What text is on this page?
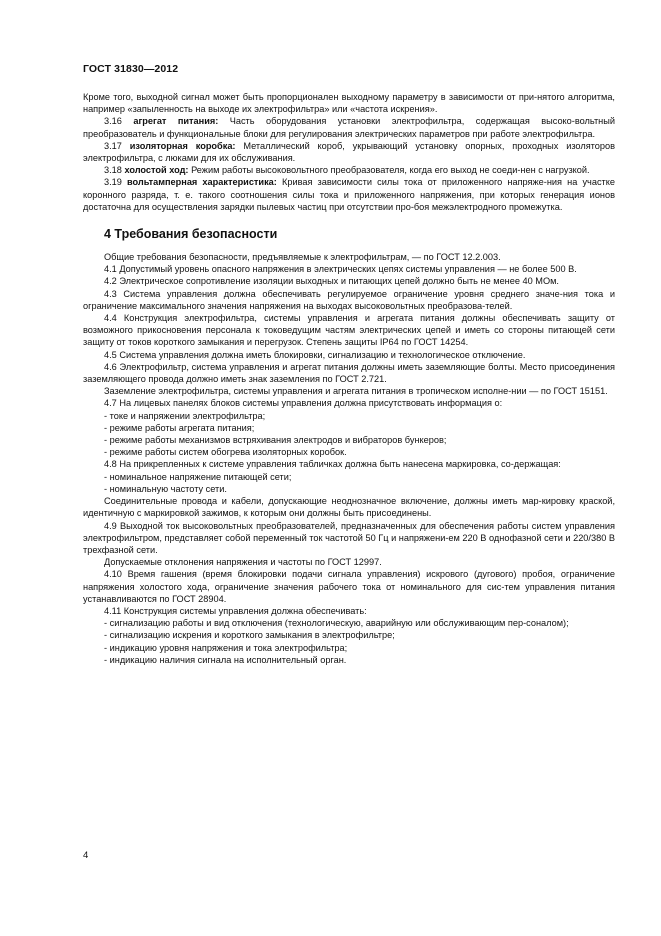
ГОСТ 31830—2012

Кроме того, выходной сигнал может быть пропорционален выходному параметру в зависимости от при-нятого алгоритма, например «запыленность на выходе их электрофильтра» или «частота искрения».

3.16 агрегат питания: Часть оборудования установки электрофильтра, содержащая высоко-вольтный преобразователь и функциональные блоки для регулирования электрических параметров при работе электрофильтра.

3.17 изоляторная коробка: Металлический короб, укрывающий установку опорных, проходных изоляторов электрофильтра, с люками для их обслуживания.

3.18 холостой ход: Режим работы высоковольтного преобразователя, когда его выход не соеди-нен с нагрузкой.

3.19 вольтамперная характеристика: Кривая зависимости силы тока от приложенного напряже-ния на участке коронного разряда, т. е. такого соотношения силы тока и приложенного напряжения, при которых генерация ионов достаточна для осуществления зарядки пылевых частиц при отсутствии про-боя межэлектродного промежутка.

4 Требования безопасности

Общие требования безопасности, предъявляемые к электрофильтрам, — по ГОСТ 12.2.003.

4.1 Допустимый уровень опасного напряжения в электрических цепях системы управления — не более 500 В.

4.2 Электрическое сопротивление изоляции выходных и питающих цепей должно быть не менее 40 МОм.

4.3 Система управления должна обеспечивать регулируемое ограничение уровня среднего значе-ния тока и ограничение максимального значения напряжения на выходах высоковольтных преобразова-телей.

4.4 Конструкция электрофильтра, системы управления и агрегата питания должны обеспечивать защиту от возможного прикосновения персонала к токоведущим частям электрических цепей и иметь со стороны питающей сети защиту от токов короткого замыкания и перегрузок. Степень защиты IP64 по ГОСТ 14254.

4.5 Система управления должна иметь блокировки, сигнализацию и технологическое отключение.

4.6 Электрофильтр, система управления и агрегат питания должны иметь заземляющие болты. Место присоединения заземляющего провода должно иметь знак заземления по ГОСТ 2.721.

Заземление электрофильтра, системы управления и агрегата питания в тропическом исполне-нии — по ГОСТ 15151.

4.7 На лицевых панелях блоков системы управления должна присутствовать информация о:

- токе и напряжении электрофильтра;

- режиме работы агрегата питания;

- режиме работы механизмов встряхивания электродов и вибраторов бункеров;

- режиме работы систем обогрева изоляторных коробок.

4.8 На прикрепленных к системе управления табличках должна быть нанесена маркировка, со-держащая:

- номинальное напряжение питающей сети;

- номинальную частоту сети.

Соединительные провода и кабели, допускающие неоднозначное включение, должны иметь мар-кировку краской, идентичную с маркировкой зажимов, к которым они должны быть присоединены.

4.9 Выходной ток высоковольтных преобразователей, предназначенных для обеспечения работы систем управления электрофильтром, представляет собой переменный ток частотой 50 Гц и напряжени-ем 220 В однофазной сети и 220/380 В трехфазной сети.

Допускаемые отклонения напряжения и частоты по ГОСТ 12997.

4.10 Время гашения (время блокировки подачи сигнала управления) искрового (дугового) пробоя, ограничение напряжения холостого хода, ограничение значения рабочего тока от номинального для сис-тем управления питания устанавливаются по ГОСТ 28904.

4.11 Конструкция системы управления должна обеспечивать:

- сигнализацию работы и вид отключения (технологическую, аварийную или обслуживающим пер-соналом);

- сигнализацию искрения и короткого замыкания в электрофильтре;

- индикацию уровня напряжения и тока электрофильтра;

- индикацию наличия сигнала на исполнительный орган.

4
